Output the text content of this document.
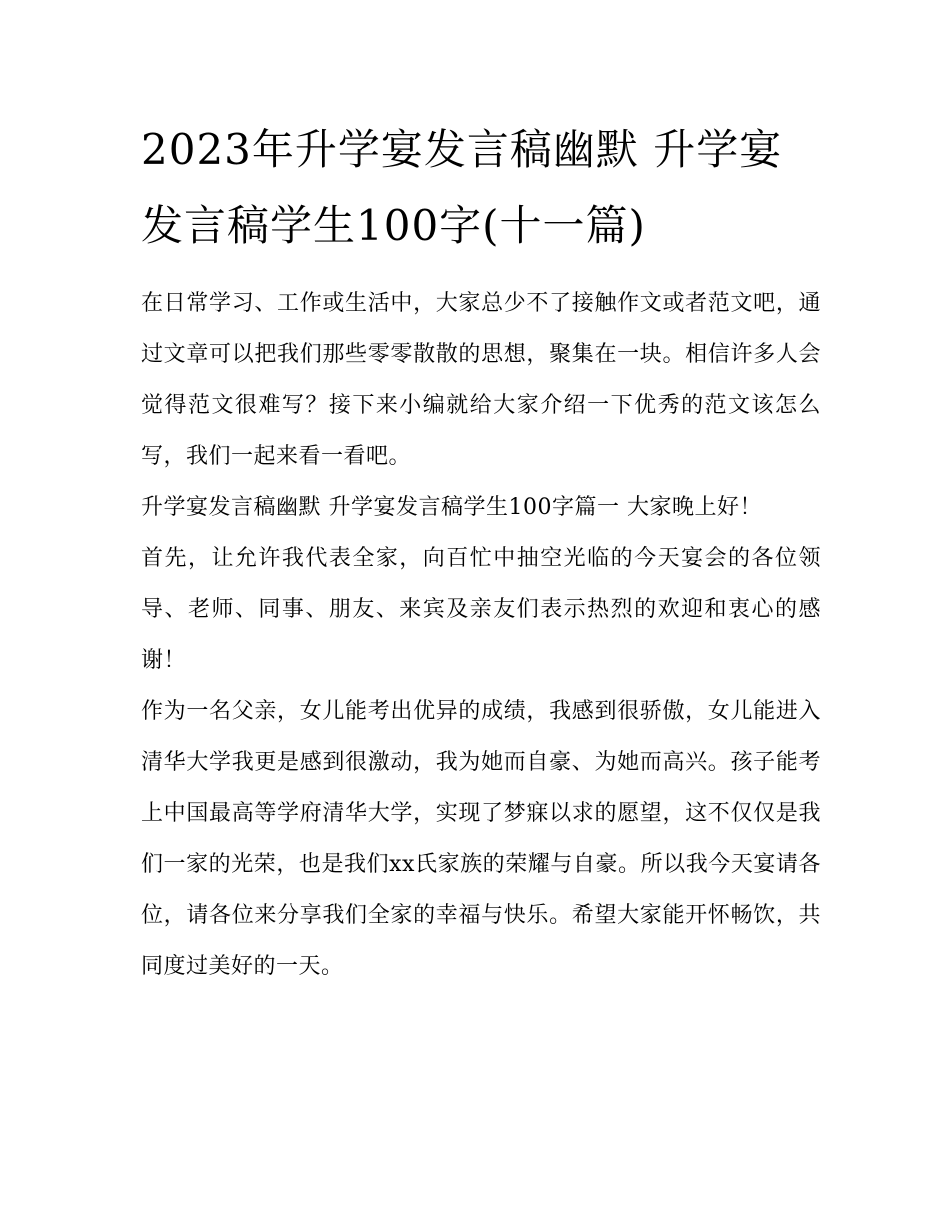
2023年升学宴发言稿幽默 升学宴发言稿学生100字(十一篇)

在日常学习、工作或生活中，大家总少不了接触作文或者范文吧，通过文章可以把我们那些零零散散的思想，聚集在一块。相信许多人会觉得范文很难写？接下来小编就给大家介绍一下优秀的范文该怎么写，我们一起来看一看吧。

升学宴发言稿幽默 升学宴发言稿学生100字篇一 大家晚上好！

首先，让允许我代表全家，向百忙中抽空光临的今天宴会的各位领导、老师、同事、朋友、来宾及亲友们表示热烈的欢迎和衷心的感谢！

作为一名父亲，女儿能考出优异的成绩，我感到很骄傲，女儿能进入清华大学我更是感到很激动，我为她而自豪、为她而高兴。孩子能考上中国最高等学府清华大学，实现了梦寐以求的愿望，这不仅仅是我们一家的光荣，也是我们xx氏家族的荣耀与自豪。所以我今天宴请各位，请各位来分享我们全家的幸福与快乐。希望大家能开怀畅饮，共同度过美好的一天。
